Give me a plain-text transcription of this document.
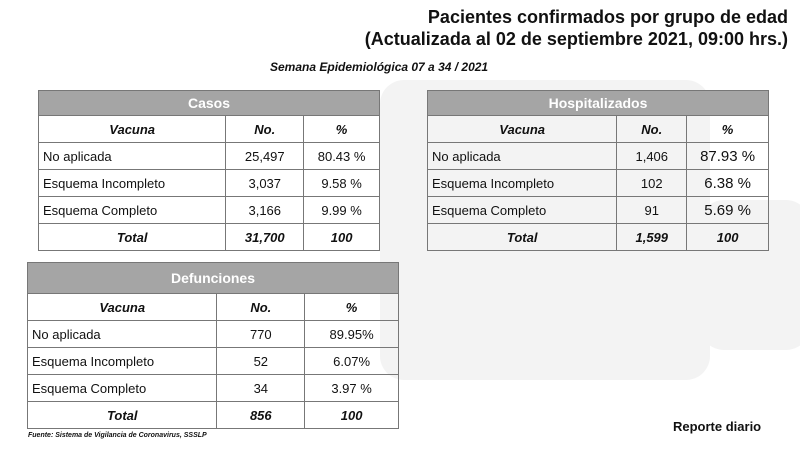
Pacientes confirmados por grupo de edad
(Actualizada al 02 de septiembre 2021, 09:00 hrs.)
Semana Epidemiológica 07 a 34 / 2021
Casos		
Vacuna	No.	%
No aplicada	25,497	80.43 %
Esquema Incompleto	3,037	9.58 %
Esquema Completo	3,166	9.99 %
Total	31,700	100
Hospitalizados		
Vacuna	No.	%
No aplicada	1,406	87.93 %
Esquema Incompleto	102	6.38 %
Esquema Completo	91	5.69 %
Total	1,599	100
Defunciones		
Vacuna	No.	%
No aplicada	770	89.95%
Esquema Incompleto	52	6.07%
Esquema Completo	34	3.97 %
Total	856	100
Fuente: Sistema de Vigilancia de Coronavirus, SSSLP
Reporte diario
